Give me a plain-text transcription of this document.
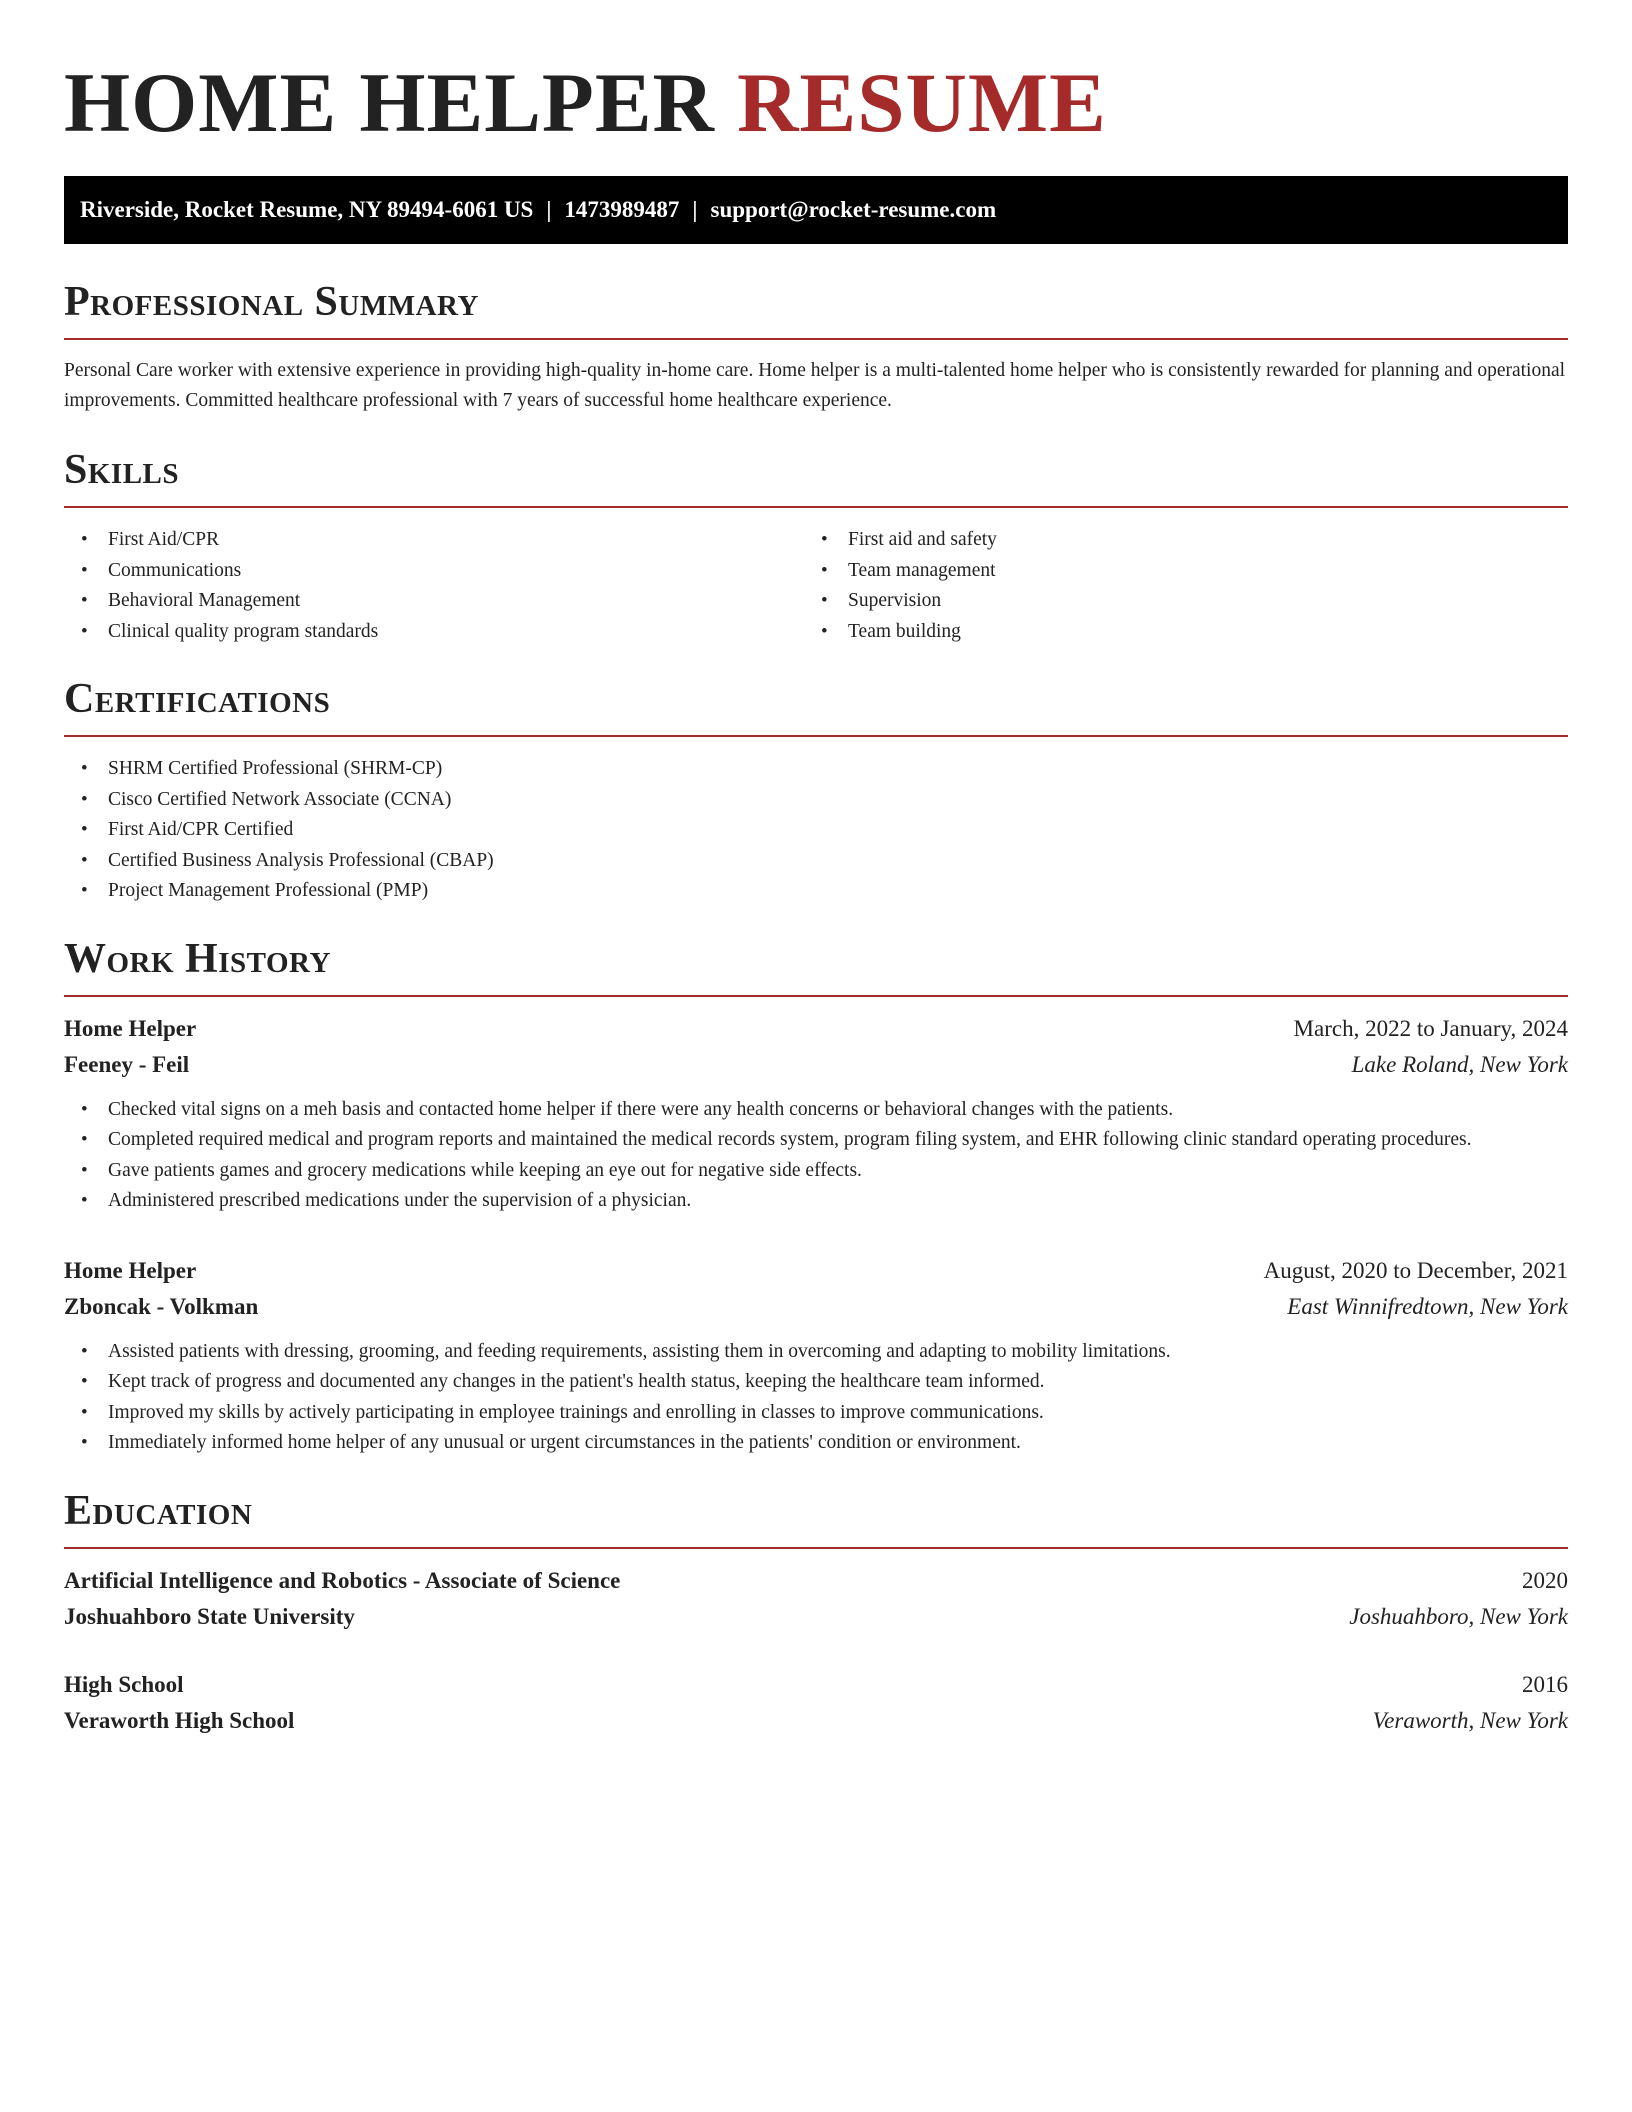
HOME HELPER RESUME
Riverside, Rocket Resume, NY 89494-6061 US | 1473989487 | support@rocket-resume.com
Professional Summary

Personal Care worker with extensive experience in providing high-quality in-home care. Home helper is a multi-talented home helper who is consistently rewarded for planning and operational improvements. Committed healthcare professional with 7 years of successful home healthcare experience.

Skills
• First Aid/CPR
• Communications
• Behavioral Management
• Clinical quality program standards
• First aid and safety
• Team management
• Supervision
• Team building
Certifications
• SHRM Certified Professional (SHRM-CP)
• Cisco Certified Network Associate (CCNA)
• First Aid/CPR Certified
• Certified Business Analysis Professional (CBAP)
• Project Management Professional (PMP)
Work History
Home Helper	March, 2022 to January, 2024
Feeney - Feil	Lake Roland, New York
• Checked vital signs on a meh basis and contacted home helper if there were any health concerns or behavioral changes with the patients.
• Completed required medical and program reports and maintained the medical records system, program filing system, and EHR following clinic standard operating procedures.
• Gave patients games and grocery medications while keeping an eye out for negative side effects.
• Administered prescribed medications under the supervision of a physician.
Home Helper	August, 2020 to December, 2021
Zboncak - Volkman	East Winnifredtown, New York
• Assisted patients with dressing, grooming, and feeding requirements, assisting them in overcoming and adapting to mobility limitations.
• Kept track of progress and documented any changes in the patient's health status, keeping the healthcare team informed.
• Improved my skills by actively participating in employee trainings and enrolling in classes to improve communications.
• Immediately informed home helper of any unusual or urgent circumstances in the patients' condition or environment.
Education
Artificial Intelligence and Robotics - Associate of Science	2020
Joshuahboro State University	Joshuahboro, New York
High School	2016
Veraworth High School	Veraworth, New York
